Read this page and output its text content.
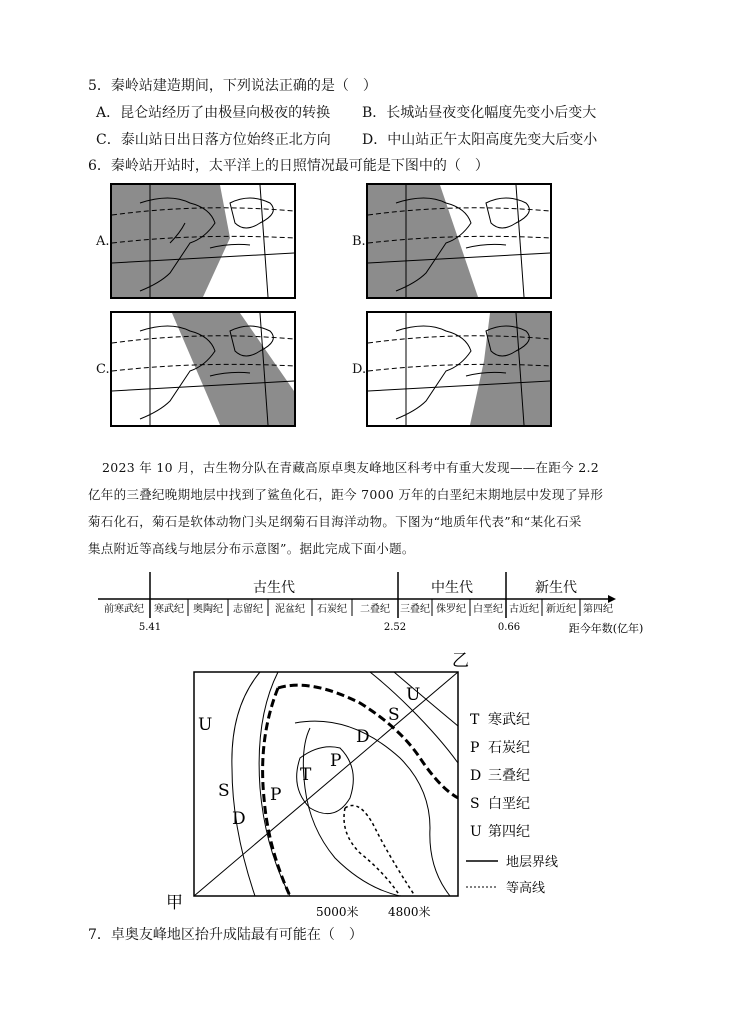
5．秦岭站建造期间，下列说法正确的是（　）
A．昆仑站经历了由极昼向极夜的转换 B．长城站昼夜变化幅度先变小后变大
C．泰山站日出日落方位始终正北方向 D．中山站正午太阳高度先变大后变小
6．秦岭站开站时，太平洋上的日照情况最可能是下图中的（　）
A.	B.
C.	D.
2023 年 10 月，古生物分队在青藏高原卓奥友峰地区科考中有重大发现——在距今 2.2
亿年的三叠纪晚期地层中找到了鲨鱼化石，距今 7000 万年的白垩纪末期地层中发现了异形
菊石化石，菊石是软体动物门头足纲菊石目海洋动物。下图为“地质年代表”和“某化石采
集点附近等高线与地层分布示意图”。据此完成下面小题。
古生代	中生代	新生代
前寒武纪 寒武纪 奥陶纪 志留纪 泥盆纪 石炭纪 二叠纪 三叠纪 侏罗纪 白垩纪 古近纪 新近纪 第四纪
5.41	2.52	0.66	距今年数(亿年)
U
S
D
P
T
P
D
S
U
甲
乙
5000米 4800米
T 寒武纪
P 石炭纪
D 三叠纪
S 白垩纪
U 第四纪
地层界线
等高线
7．卓奥友峰地区抬升成陆最有可能在（　）
